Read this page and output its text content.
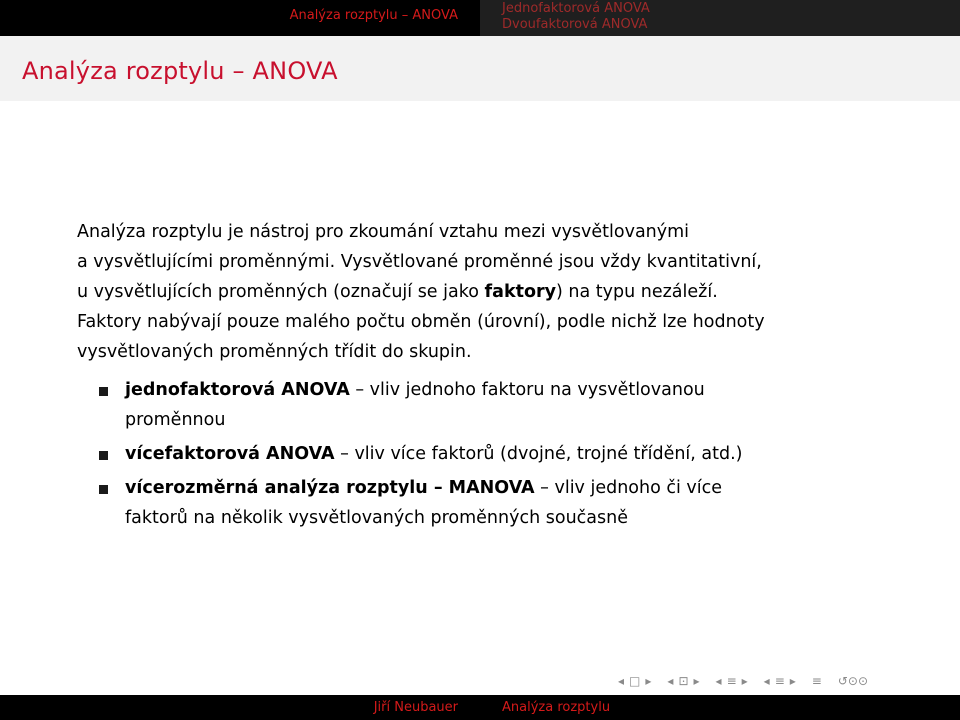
Analýza rozptylu – ANOVA	Jednofaktorová ANOVA
Dvoufaktorová ANOVA
Analýza rozptylu – ANOVA

Analýza rozptylu je nástroj pro zkoumání vztahu mezi vysvětlovanými

a vysvětlujícími proměnnými. Vysvětlované proměnné jsou vždy kvantitativní,

u vysvětlujících proměnných (označují se jako faktory) na typu nezáleží.

Faktory nabývají pouze malého počtu obměn (úrovní), podle nichž lze hodnoty

vysvětlovaných proměnných třídit do skupin.

jednofaktorová ANOVA – vliv jednoho faktoru na vysvětlovanou
proměnnou
vícefaktorová ANOVA – vliv více faktorů (dvojné, trojné třídění, atd.)
vícerozměrná analýza rozptylu – MANOVA – vliv jednoho či více
faktorů na několik vysvětlovaných proměnných současně
◂ □ ▸ ◂ ⊡ ▸ ◂ ≡ ▸ ◂ ≡ ▸ ≡ ↺⊙⊙
Jiří Neubauer	Analýza rozptylu
